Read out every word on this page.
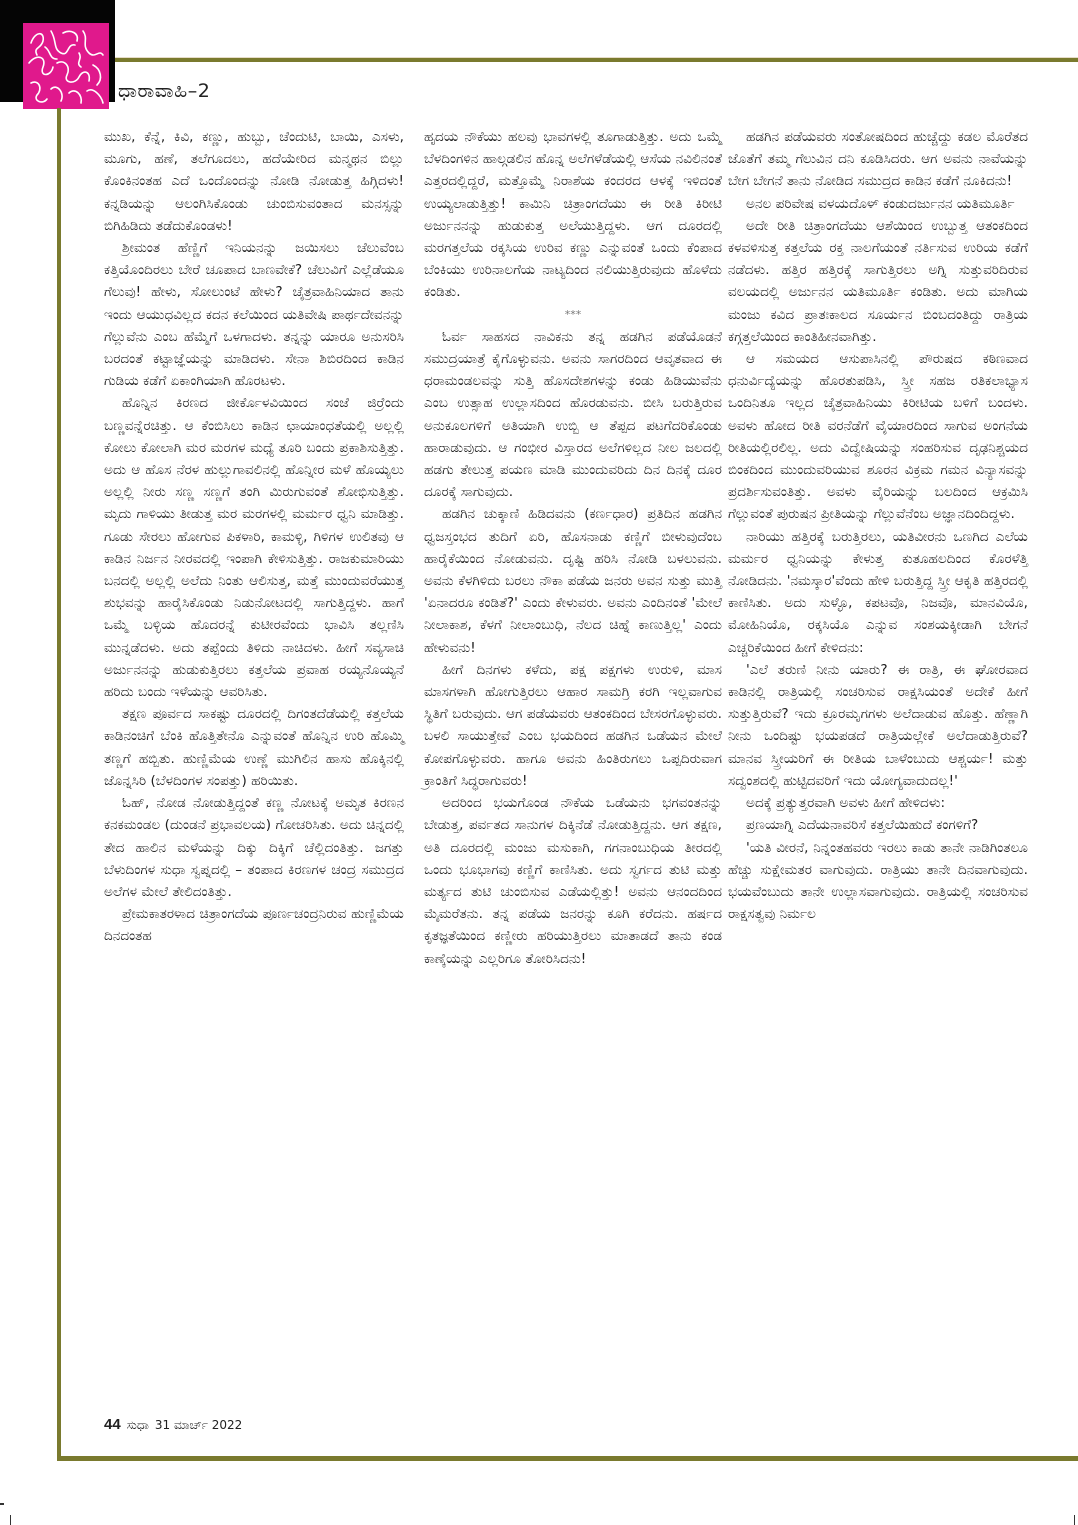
ಧಾರಾವಾಹಿ–2

ಮುಖ, ಕೆನ್ನೆ, ಕಿವಿ, ಕಣ್ಣು, ಹುಬ್ಬು, ಚೆಂದುಟಿ, ಬಾಯಿ, ಎಸಳು, ಮೂಗು, ಹಣೆ, ತಲೆಗೂದಲು, ಹದೆಯೇರಿದ ಮನ್ಮಥನ ಬಿಲ್ಲು ಕೊಂಕಿನಂತಹ ಎದೆ ಒಂದೊಂದನ್ನು ನೋಡಿ ನೋಡುತ್ತ ಹಿಗ್ಗಿದಳು! ಕನ್ನಡಿಯನ್ನು ಆಲಂಗಿಸಿಕೊಂಡು ಚುಂಬಿಸುವಂತಾದ ಮನಸ್ಸನ್ನು ಬಿಗಿಹಿಡಿದು ತಡೆದುಕೊಂಡಳು!

ಶ್ರೀಮಂತ ಹೆಣ್ಣಿಗೆ ಇನಿಯನನ್ನು ಜಯಿಸಲು ಚೆಲುವೆಂಬ ಕತ್ತಿಯೊಂದಿರಲು ಬೇರೆ ಚೂಪಾದ ಬಾಣವೇಕೆ? ಚೆಲುವಿಗೆ ಎಲ್ಲೆಡೆಯೂ ಗೆಲುವು! ಹೇಳು, ಸೋಲುಂಟೆ ಹೇಳು? ಚೈತ್ರವಾಹಿನಿಯಾದ ತಾನು ಇಂದು ಆಯುಧವಿಲ್ಲದ ಕದನ ಕಲೆಯಿಂದ ಯತಿವೇಷಿ ಪಾರ್ಥದೇವನನ್ನು ಗೆಲ್ಲುವೆನು ಎಂಬ ಹೆಮ್ಮೆಗೆ ಒಳಗಾದಳು. ತನ್ನನ್ನು ಯಾರೂ ಅನುಸರಿಸಿ ಬರದಂತೆ ಕಟ್ಟಾಜ್ಞೆಯನ್ನು ಮಾಡಿದಳು. ಸೇನಾ ಶಿಬಿರದಿಂದ ಕಾಡಿನ ಗುಡಿಯ ಕಡೆಗೆ ಏಕಾಂಗಿಯಾಗಿ ಹೊರಟಳು.

ಹೊನ್ನಿನ ಕಿರಣದ ಜೀರ್ಕೊಳವಿಯಿಂದ ಸಂಜೆ ಜಿರ್ರೆಂದು ಬಣ್ಣವನ್ನೆರಚಿತ್ತು. ಆ ಕೆಂಬಿಸಿಲು ಕಾಡಿನ ಛಾಯಾಂಧತೆಯಲ್ಲಿ ಅಲ್ಲಲ್ಲಿ ಕೋಲು ಕೋಲಾಗಿ ಮರ ಮರಗಳ ಮಧ್ಯೆ ತೂರಿ ಬಂದು ಪ್ರಕಾಶಿಸುತ್ತಿತ್ತು. ಅದು ಆ ಹೊಸ ನೆರಳ ಹುಲ್ಲುಗಾವಲಿನಲ್ಲಿ ಹೊನ್ನೀರ ಮಳೆ ಹೊಯ್ಯಲು ಅಲ್ಲಲ್ಲಿ ನೀರು ಸಣ್ಣ ಸಣ್ಣಗೆ ತಂಗಿ ಮಿರುಗುವಂತೆ ಶೋಭಿಸುತ್ತಿತ್ತು. ಮೃದು ಗಾಳಿಯು ತೀಡುತ್ತ ಮರ ಮರಗಳಲ್ಲಿ ಮರ್ಮರ ಧ್ವನಿ ಮಾಡಿತ್ತು. ಗೂಡು ಸೇರಲು ಹೋಗುವ ಪಿಕಳಾರಿ, ಕಾಮಳ್ಳಿ, ಗಿಳಿಗಳ ಉಲಿತವು ಆ ಕಾಡಿನ ನಿರ್ಜನ ನೀರವದಲ್ಲಿ ಇಂಪಾಗಿ ಕೇಳಿಸುತ್ತಿತ್ತು. ರಾಜಕುಮಾರಿಯು ಬನದಲ್ಲಿ ಅಲ್ಲಲ್ಲಿ ಅಲೆದು ನಿಂತು ಆಲಿಸುತ್ತ, ಮತ್ತೆ ಮುಂದುವರೆಯುತ್ತ ಶುಭವನ್ನು ಹಾರೈಸಿಕೊಂಡು ನಿಡುನೋಟದಲ್ಲಿ ಸಾಗುತ್ತಿದ್ದಳು. ಹಾಗೆ ಒಮ್ಮೆ ಬಳ್ಳಿಯ ಹೊದರನ್ನೆ ಕುಟೀರವೆಂದು ಭಾವಿಸಿ ತಲ್ಲಣಿಸಿ ಮುನ್ನಡೆದಳು. ಅದು ತಪ್ಪೆಂದು ತಿಳಿದು ನಾಚಿದಳು. ಹೀಗೆ ಸವ್ಯಸಾಚಿ ಅರ್ಜುನನನ್ನು ಹುಡುಕುತ್ತಿರಲು ಕತ್ತಲೆಯ ಪ್ರವಾಹ ರಯ್ಯನೊಯ್ಯನೆ ಹರಿದು ಬಂದು ಇಳೆಯನ್ನು ಆವರಿಸಿತು.

ತಕ್ಷಣ ಪೂರ್ವದ ಸಾಕಷ್ಟು ದೂರದಲ್ಲಿ ದಿಗಂತದೆಡೆಯಲ್ಲಿ ಕತ್ತಲೆಯ ಕಾಡಿನಂಚಿಗೆ ಬೆಂಕಿ ಹೊತ್ತಿತೇನೊ ಎನ್ನುವಂತೆ ಹೊನ್ನಿನ ಉರಿ ಹೊಮ್ಮಿ ತಣ್ಣಗೆ ಹಬ್ಬಿತು. ಹುಣ್ಣಿಮೆಯ ಉಣ್ಣೆ ಮುಗಿಲಿನ ಹಾಸು ಹೊಕ್ಕಿನಲ್ಲಿ ಜೊನ್ನಸಿರಿ (ಬೆಳದಿಂಗಳ ಸಂಪತ್ತು) ಹರಿಯಿತು.

ಓಹ್, ನೋಡ ನೋಡುತ್ತಿದ್ದಂತೆ ಕಣ್ಣ ನೋಟಕ್ಕೆ ಅಮೃತ ಕಿರಣನ ಕನಕಮಂಡಲ (ದುಂಡನೆ ಪ್ರಭಾವಲಯ) ಗೋಚರಿಸಿತು. ಅದು ಚಿನ್ನದಲ್ಲಿ ತೇದ ಹಾಲಿನ ಮಳೆಯನ್ನು ದಿಕ್ಕು ದಿಕ್ಕಿಗೆ ಚೆಲ್ಲಿದಂತಿತ್ತು. ಜಗತ್ತು ಬೆಳುದಿಂಗಳ ಸುಧಾ ಸ್ವಪ್ನದಲ್ಲಿ – ತಂಪಾದ ಕಿರಣಗಳ ಚಂದ್ರ ಸಮುದ್ರದ ಅಲೆಗಳ ಮೇಲೆ ತೇಲಿದಂತಿತ್ತು.

ಪ್ರೇಮಕಾತರಳಾದ ಚಿತ್ರಾಂಗದೆಯ ಪೂರ್ಣಚಂದ್ರನಿರುವ ಹುಣ್ಣಿಮೆಯ ದಿನದಂತಹ

ಹೃದಯ ನೌಕೆಯು ಹಲವು ಭಾವಗಳಲ್ಲಿ ತೂಗಾಡುತ್ತಿತ್ತು. ಅದು ಒಮ್ಮೆ ಬೆಳದಿಂಗಳಿನ ಹಾಲ್ಗಡಲಿನ ಹೊನ್ನ ಅಲೆಗಳೆಡೆಯಲ್ಲಿ ಆಸೆಯ ನವಿಲಿನಂತೆ ಎತ್ತರದಲ್ಲಿದ್ದರೆ, ಮತ್ತೊಮ್ಮೆ ನಿರಾಶೆಯ ಕಂದರದ ಆಳಕ್ಕೆ ಇಳಿದಂತೆ ಉಯ್ಯಲಾಡುತ್ತಿತ್ತು! ಕಾಮಿನಿ ಚಿತ್ರಾಂಗದೆಯು ಈ ರೀತಿ ಕಿರೀಟಿ ಅರ್ಜುನನನ್ನು ಹುಡುಕುತ್ತ ಅಲೆಯುತ್ತಿದ್ದಳು. ಆಗ ದೂರದಲ್ಲಿ ಮರಗತ್ತಲೆಯ ರಕ್ಕಸಿಯ ಉರಿವ ಕಣ್ಣು ಎನ್ನುವಂತೆ ಒಂದು ಕೆಂಪಾದ ಬೆಂಕಿಯು ಉರಿನಾಲಗೆಯ ನಾಟ್ಯದಿಂದ ನಲಿಯುತ್ತಿರುವುದು ಹೊಳೆದು ಕಂಡಿತು.

***

ಓರ್ವ ಸಾಹಸದ ನಾವಿಕನು ತನ್ನ ಹಡಗಿನ ಪಡೆಯೊಡನೆ ಸಮುದ್ರಯಾತ್ರೆ ಕೈಗೊಳ್ಳುವನು. ಅವನು ಸಾಗರದಿಂದ ಆವೃತವಾದ ಈ ಧರಾಮಂಡಲವನ್ನು ಸುತ್ತಿ ಹೊಸದೇಶಗಳನ್ನು ಕಂಡು ಹಿಡಿಯುವೆನು ಎಂಬ ಉತ್ಸಾಹ ಉಲ್ಲಾಸದಿಂದ ಹೊರಡುವನು. ಬೀಸಿ ಬರುತ್ತಿರುವ ಅನುಕೂಲಗಳಿಗೆ ಅತಿಯಾಗಿ ಉಬ್ಬಿ ಆ ತೆಪ್ಪದ ಪಟಗೆದರಿಕೊಂಡು ಹಾರಾಡುವುದು. ಆ ಗಂಭೀರ ವಿಸ್ತಾರದ ಅಲೆಗಳಿಲ್ಲದ ನೀಲ ಜಲದಲ್ಲಿ ಹಡಗು ತೇಲುತ್ತ ಪಯಣ ಮಾಡಿ ಮುಂದುವರಿದು ದಿನ ದಿನಕ್ಕೆ ದೂರ ದೂರಕ್ಕೆ ಸಾಗುವುದು.

ಹಡಗಿನ ಚುಕ್ಕಾಣಿ ಹಿಡಿದವನು (ಕರ್ಣಧಾರ) ಪ್ರತಿದಿನ ಹಡಗಿನ ಧ್ವಜಸ್ತಂಭದ ತುದಿಗೆ ಏರಿ, ಹೊಸನಾಡು ಕಣ್ಣಿಗೆ ಬೀಳುವುದೆಂಬ ಹಾರೈಕೆಯಿಂದ ನೋಡುವನು. ದೃಷ್ಟಿ ಹರಿಸಿ ನೋಡಿ ಬಳಲುವನು. ಅವನು ಕೆಳಗಿಳಿದು ಬರಲು ನೌಕಾ ಪಡೆಯ ಜನರು ಅವನ ಸುತ್ತು ಮುತ್ತಿ 'ಏನಾದರೂ ಕಂಡಿತೆ?' ಎಂದು ಕೇಳುವರು. ಅವನು ಎಂದಿನಂತೆ 'ಮೇಲೆ ನೀಲಾಕಾಶ, ಕೆಳಗೆ ನೀಲಾಂಬುಧಿ, ನೆಲದ ಚಿಹ್ನೆ ಕಾಣುತ್ತಿಲ್ಲ' ಎಂದು ಹೇಳುವನು!

ಹೀಗೆ ದಿನಗಳು ಕಳೆದು, ಪಕ್ಷ ಪಕ್ಷಗಳು ಉರುಳಿ, ಮಾಸ ಮಾಸಗಳಾಗಿ ಹೋಗುತ್ತಿರಲು ಆಹಾರ ಸಾಮಗ್ರಿ ಕರಗಿ ಇಲ್ಲವಾಗುವ ಸ್ಥಿತಿಗೆ ಬರುವುದು. ಆಗ ಪಡೆಯವರು ಆತಂಕದಿಂದ ಬೇಸರಗೊಳ್ಳುವರು. ಬಳಲಿ ಸಾಯುತ್ತೇವೆ ಎಂಬ ಭಯದಿಂದ ಹಡಗಿನ ಒಡೆಯನ ಮೇಲೆ ಕೋಪಗೊಳ್ಳುವರು. ಹಾಗೂ ಅವನು ಹಿಂತಿರುಗಲು ಒಪ್ಪದಿರುವಾಗ ಕ್ರಾಂತಿಗೆ ಸಿದ್ಧರಾಗುವರು!

ಅದರಿಂದ ಭಯಗೊಂಡ ನೌಕೆಯ ಒಡೆಯನು ಭಗವಂತನನ್ನು ಬೇಡುತ್ತ, ಪರ್ವತದ ಸಾನುಗಳ ದಿಕ್ಕಿನೆಡೆ ನೋಡುತ್ತಿದ್ದನು. ಆಗ ತಕ್ಷಣ, ಅತಿ ದೂರದಲ್ಲಿ ಮಂಜು ಮಸುಕಾಗಿ, ಗಗನಾಂಬುಧಿಯ ತೀರದಲ್ಲಿ ಒಂದು ಭೂಭಾಗವು ಕಣ್ಣಿಗೆ ಕಾಣಿಸಿತು. ಅದು ಸ್ವರ್ಗದ ತುಟಿ ಮತ್ತು ಮರ್ತ್ಯದ ತುಟಿ ಚುಂಬಿಸುವ ಎಡೆಯಲ್ಲಿತ್ತು! ಅವನು ಆನಂದದಿಂದ ಮೈಮರೆತನು. ತನ್ನ ಪಡೆಯ ಜನರನ್ನು ಕೂಗಿ ಕರೆದನು. ಹರ್ಷದ ಕೃತಜ್ಞತೆಯಿಂದ ಕಣ್ಣೀರು ಹರಿಯುತ್ತಿರಲು ಮಾತಾಡದೆ ತಾನು ಕಂಡ ಕಾಣ್ಕೆಯನ್ನು ಎಲ್ಲರಿಗೂ ತೋರಿಸಿದನು!

ಹಡಗಿನ ಪಡೆಯವರು ಸಂತೋಷದಿಂದ ಹುಚ್ಚೆದ್ದು ಕಡಲ ಮೊರೆತದ ಜೊತೆಗೆ ತಮ್ಮ ಗೆಲುವಿನ ದನಿ ಕೂಡಿಸಿದರು. ಆಗ ಅವನು ನಾವೆಯನ್ನು ಬೇಗ ಬೇಗನೆ ತಾನು ನೋಡಿದ ಸಮುದ್ರದ ಕಾಡಿನ ಕಡೆಗೆ ನೂಕಿದನು!

ಅನಲ ಪರಿವೇಷ ವಳಯದೊಳ್ ಕಂಡುದರ್ಜುನನ ಯತಿಮೂರ್ತಿ

ಅದೇ ರೀತಿ ಚಿತ್ರಾಂಗದೆಯು ಆಶೆಯಿಂದ ಉಬ್ಬುತ್ತ ಆತಂಕದಿಂದ ಕಳವಳಿಸುತ್ತ ಕತ್ತಲೆಯ ರಕ್ತ ನಾಲಗೆಯಂತೆ ನರ್ತಿಸುವ ಉರಿಯ ಕಡೆಗೆ ನಡೆದಳು. ಹತ್ತಿರ ಹತ್ತಿರಕ್ಕೆ ಸಾಗುತ್ತಿರಲು ಅಗ್ನಿ ಸುತ್ತುವರಿದಿರುವ ವಲಯದಲ್ಲಿ ಅರ್ಜುನನ ಯತಿಮೂರ್ತಿ ಕಂಡಿತು. ಅದು ಮಾಗಿಯ ಮಂಜು ಕವಿದ ಪ್ರಾತಃಕಾಲದ ಸೂರ್ಯನ ಬಿಂಬದಂತಿದ್ದು ರಾತ್ರಿಯ ಕಗ್ಗತ್ತಲೆಯಿಂದ ಕಾಂತಿಹೀನವಾಗಿತ್ತು.

ಆ ಸಮಯದ ಆಸುಪಾಸಿನಲ್ಲಿ ಪೌರುಷದ ಕಠಿಣವಾದ ಧನುರ್ವಿದ್ಯೆಯನ್ನು ಹೊರತುಪಡಿಸಿ, ಸ್ತ್ರೀ ಸಹಜ ರತಿಕಲಾಭ್ಯಾಸ ಒಂದಿನಿತೂ ಇಲ್ಲದ ಚೈತ್ರವಾಹಿನಿಯು ಕಿರೀಟಿಯ ಬಳಿಗೆ ಬಂದಳು. ಅವಳು ಹೋದ ರೀತಿ ವರನೆಡೆಗೆ ವೈಯಾರದಿಂದ ಸಾಗುವ ಅಂಗನೆಯ ರೀತಿಯಲ್ಲಿರಲಿಲ್ಲ. ಅದು ವಿದ್ವೇಷಿಯನ್ನು ಸಂಹರಿಸುವ ದೃಢನಿಶ್ಚಯದ ಬಿಂಕದಿಂದ ಮುಂದುವರಿಯುವ ಶೂರನ ವಿಕ್ರಮ ಗಮನ ವಿನ್ಯಾಸವನ್ನು ಪ್ರದರ್ಶಿಸುವಂತಿತ್ತು. ಅವಳು ವೈರಿಯನ್ನು ಬಲದಿಂದ ಆಕ್ರಮಿಸಿ ಗೆಲ್ಲುವಂತೆ ಪುರುಷನ ಪ್ರೀತಿಯನ್ನು ಗೆಲ್ಲುವೆನೆಂಬ ಅಜ್ಞಾನದಿಂದಿದ್ದಳು.

ನಾರಿಯು ಹತ್ತಿರಕ್ಕೆ ಬರುತ್ತಿರಲು, ಯತಿವೀರನು ಒಣಗಿದ ಎಲೆಯ ಮರ್ಮರ ಧ್ವನಿಯನ್ನು ಕೇಳುತ್ತ ಕುತೂಹಲದಿಂದ ಕೊರಳೆತ್ತಿ ನೋಡಿದನು. 'ನಮಸ್ಕಾರ'ವೆಂದು ಹೇಳಿ ಬರುತ್ತಿದ್ದ ಸ್ತ್ರೀ ಆಕೃತಿ ಹತ್ತಿರದಲ್ಲಿ ಕಾಣಿಸಿತು. ಅದು ಸುಳ್ಳೊ, ಕಪಟವೊ, ನಿಜವೊ, ಮಾನವಿಯೊ, ಮೋಹಿನಿಯೊ, ರಕ್ಕಸಿಯೊ ಎನ್ನುವ ಸಂಶಯಕ್ಕೀಡಾಗಿ ಬೇಗನೆ ಎಚ್ಚರಿಕೆಯಿಂದ ಹೀಗೆ ಕೇಳಿದನು:

'ಎಲೆ ತರುಣಿ ನೀನು ಯಾರು? ಈ ರಾತ್ರಿ, ಈ ಘೋರವಾದ ಕಾಡಿನಲ್ಲಿ ರಾತ್ರಿಯಲ್ಲಿ ಸಂಚರಿಸುವ ರಾಕ್ಷಸಿಯಂತೆ ಅದೇಕೆ ಹೀಗೆ ಸುತ್ತುತ್ತಿರುವೆ? ಇದು ಕ್ರೂರಮೃಗಗಳು ಅಲೆದಾಡುವ ಹೊತ್ತು. ಹೆಣ್ಣಾಗಿ ನೀನು ಒಂದಿಷ್ಟು ಭಯಪಡದೆ ರಾತ್ರಿಯಲ್ಲೇಕೆ ಅಲೆದಾಡುತ್ತಿರುವೆ? ಮಾನವ ಸ್ತ್ರೀಯರಿಗೆ ಈ ರೀತಿಯ ಬಾಳೆಂಬುದು ಆಶ್ಚರ್ಯ! ಮತ್ತು ಸದ್ವಂಶದಲ್ಲಿ ಹುಟ್ಟಿದವರಿಗೆ ಇದು ಯೋಗ್ಯವಾದುದಲ್ಲ!'

ಅದಕ್ಕೆ ಪ್ರತ್ಯುತ್ತರವಾಗಿ ಅವಳು ಹೀಗೆ ಹೇಳಿದಳು:

ಪ್ರಣಯಾಗ್ನಿ ಎದೆಯನಾವರಿಸೆ ಕತ್ತಲೆಯಿಹುದೆ ಕಂಗಳಿಗೆ?

'ಯತಿ ವೀರನೆ, ನಿನ್ನಂತಹವರು ಇರಲು ಕಾಡು ತಾನೇ ನಾಡಿಗಿಂತಲೂ ಹೆಚ್ಚು ಸುಕ್ಷೇಮತರ ವಾಗುವುದು. ರಾತ್ರಿಯು ತಾನೇ ದಿನವಾಗುವುದು. ಭಯವೆಂಬುದು ತಾನೇ ಉಲ್ಲಾಸವಾಗುವುದು. ರಾತ್ರಿಯಲ್ಲಿ ಸಂಚರಿಸುವ ರಾಕ್ಷಸತ್ವವು ನಿರ್ಮಲ

44 ಸುಧಾ 31 ಮಾರ್ಚ್ 2022
